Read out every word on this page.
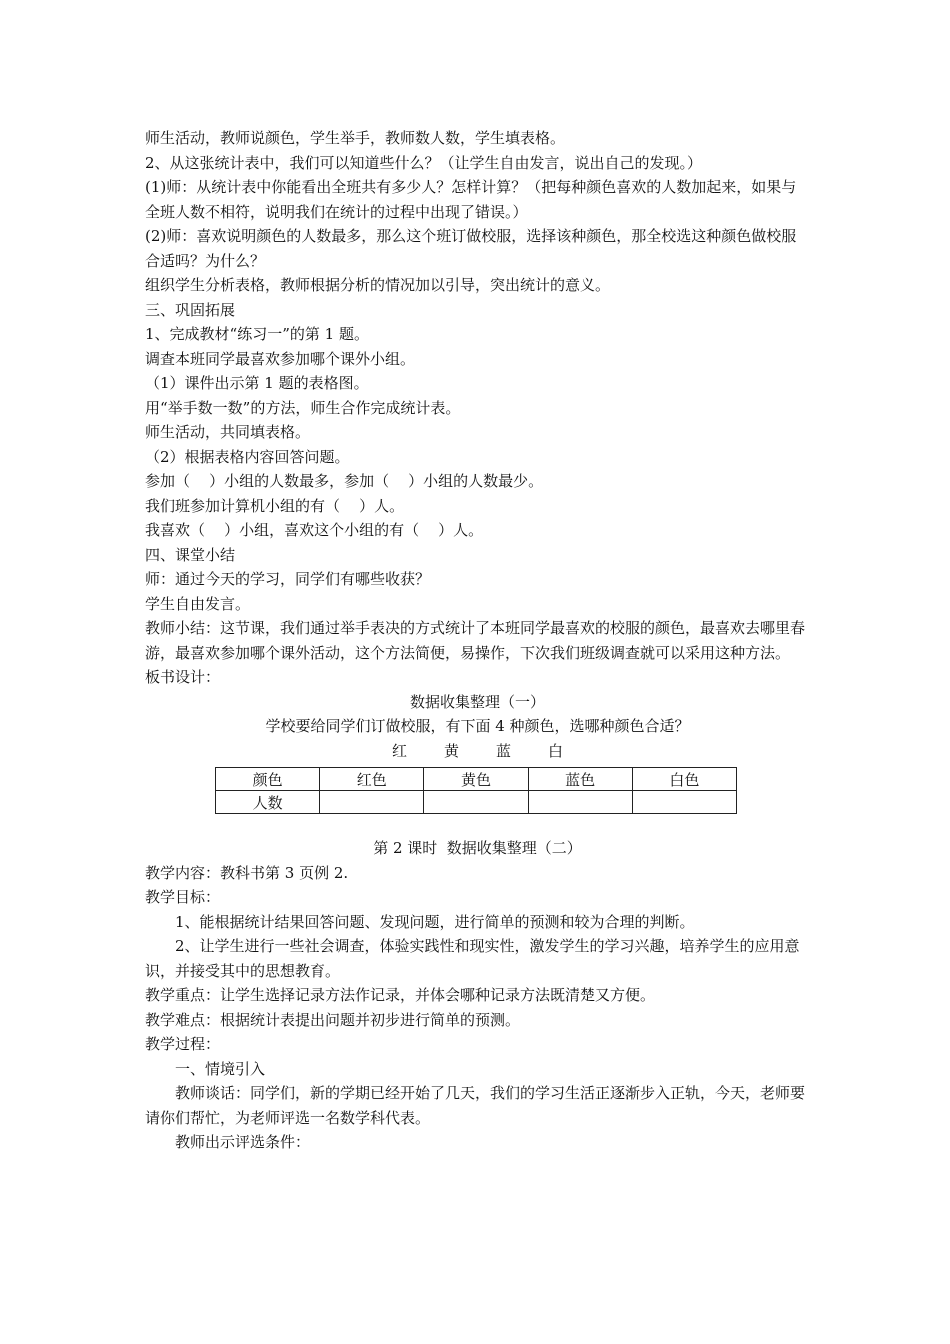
师生活动，教师说颜色，学生举手，教师数人数，学生填表格。

2、从这张统计表中，我们可以知道些什么？（让学生自由发言，说出自己的发现。）

(1)师：从统计表中你能看出全班共有多少人？怎样计算？（把每种颜色喜欢的人数加起来，如果与全班人数不相符，说明我们在统计的过程中出现了错误。）

(2)师：喜欢说明颜色的人数最多，那么这个班订做校服，选择该种颜色，那全校选这种颜色做校服合适吗？为什么？

组织学生分析表格，教师根据分析的情况加以引导，突出统计的意义。

三、巩固拓展

1、完成教材“练习一”的第 1 题。

调查本班同学最喜欢参加哪个课外小组。

（1）课件出示第 1 题的表格图。

用“举手数一数”的方法，师生合作完成统计表。

师生活动，共同填表格。

（2）根据表格内容回答问题。

参加（    ）小组的人数最多，参加（    ）小组的人数最少。

我们班参加计算机小组的有（    ）人。

我喜欢（    ）小组，喜欢这个小组的有（    ）人。

四、课堂小结

师：通过今天的学习，同学们有哪些收获？

学生自由发言。

教师小结：这节课，我们通过举手表决的方式统计了本班同学最喜欢的校服的颜色，最喜欢去哪里春游，最喜欢参加哪个课外活动，这个方法简便，易操作，下次我们班级调查就可以采用这种方法。

板书设计：

数据收集整理（一）

学校要给同学们订做校服，有下面 4 种颜色，选哪种颜色合适？

红 黄 蓝 白

颜色	红色	黄色	蓝色	白色
人数				

第 2 课时  数据收集整理（二）

教学内容：教科书第 3 页例 2.

教学目标：

1、能根据统计结果回答问题、发现问题，进行简单的预测和较为合理的判断。

2、让学生进行一些社会调查，体验实践性和现实性，激发学生的学习兴趣，培养学生的应用意识，并接受其中的思想教育。

教学重点：让学生选择记录方法作记录，并体会哪种记录方法既清楚又方便。

教学难点：根据统计表提出问题并初步进行简单的预测。

教学过程：

一、情境引入

教师谈话：同学们，新的学期已经开始了几天，我们的学习生活正逐渐步入正轨，今天，老师要请你们帮忙，为老师评选一名数学科代表。

教师出示评选条件：
